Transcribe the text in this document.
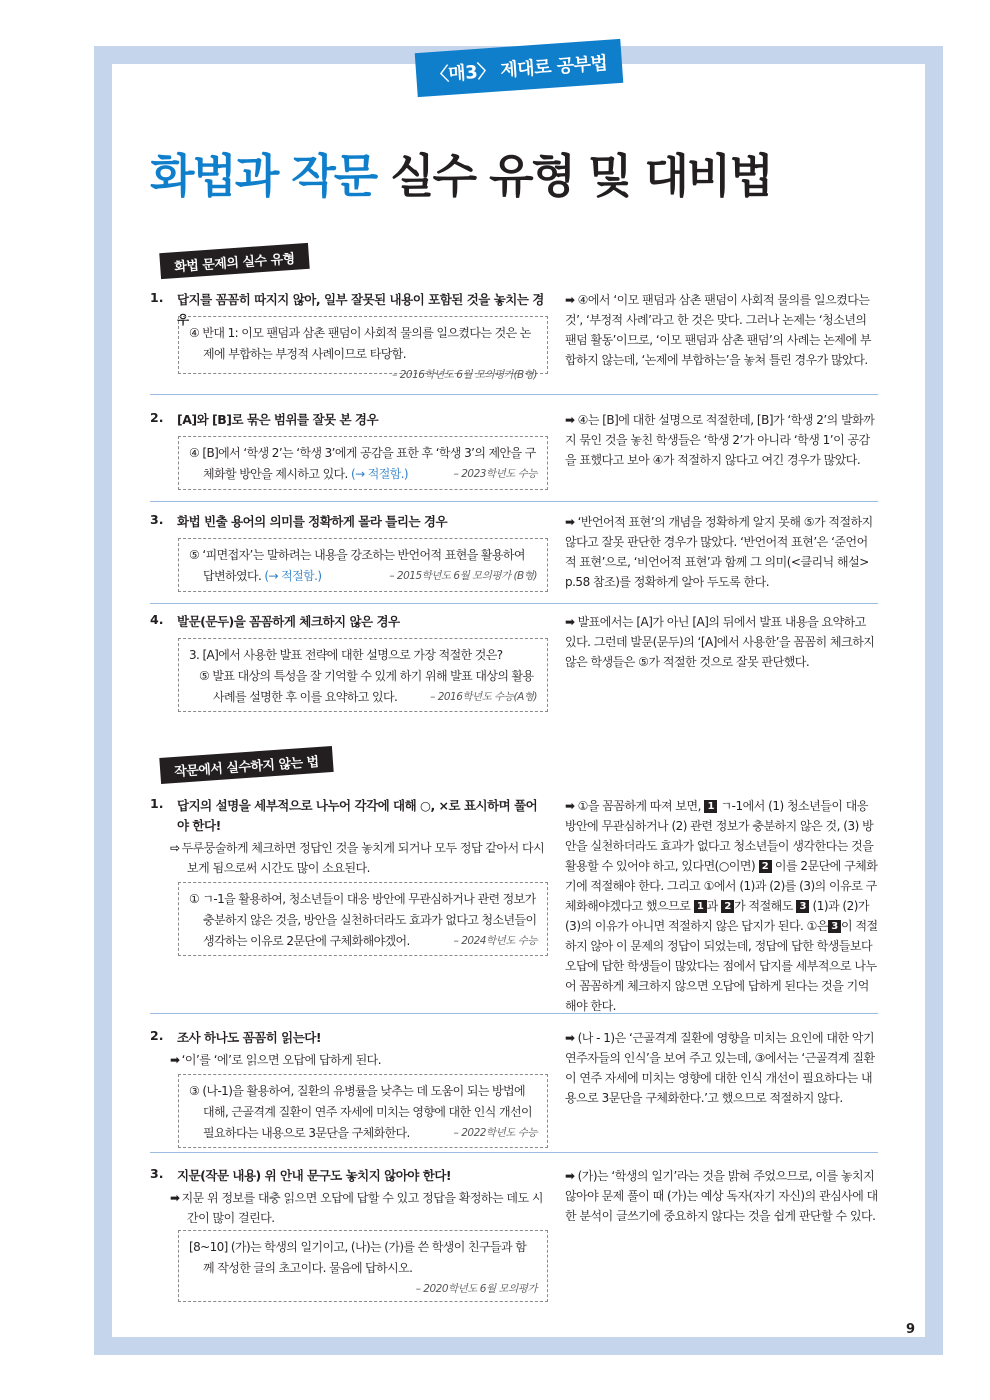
〈매3〉 제대로 공부법
화법과 작문 실수 유형 및 대비법
화법 문제의 실수 유형
1. 답지를 꼼꼼히 따지지 않아, 일부 잘못된 내용이 포함된 것을 놓치는 경우
④ 반대 1: 이모 팬덤과 삼촌 팬덤이 사회적 물의를 일으켰다는 것은 논제에 부합하는 부정적 사례이므로 타당함.
– 2016학년도 6월 모의평가(B형)
➡ ④에서 ‘이모 팬덤과 삼촌 팬덤이 사회적 물의를 일으켰다는 것’, ‘부정적 사례’라고 한 것은 맞다. 그러나 논제는 ‘청소년의 팬덤 활동’이므로, ‘이모 팬덤과 삼촌 팬덤’의 사례는 논제에 부합하지 않는데, ‘논제에 부합하는’을 놓쳐 틀린 경우가 많았다.
2. [A]와 [B]로 묶은 범위를 잘못 본 경우
④ [B]에서 ‘학생 2’는 ‘학생 3’에게 공감을 표한 후 ‘학생 3’의 제안을 구체화할 방안을 제시하고 있다. (→ 적절함.)	– 2023학년도 수능
➡ ④는 [B]에 대한 설명으로 적절한데, [B]가 ‘학생 2’의 발화까지 묶인 것을 놓친 학생들은 ‘학생 2’가 아니라 ‘학생 1’이 공감을 표했다고 보아 ④가 적절하지 않다고 여긴 경우가 많았다.
3. 화법 빈출 용어의 의미를 정확하게 몰라 틀리는 경우
⑤ ‘피면접자’는 말하려는 내용을 강조하는 반언어적 표현을 활용하여 답변하였다. (→ 적절함.)	– 2015학년도 6월 모의평가 (B형)
➡ ‘반언어적 표현’의 개념을 정확하게 알지 못해 ⑤가 적절하지 않다고 잘못 판단한 경우가 많았다. ‘반언어적 표현’은 ‘준언어적 표현’으로, ‘비언어적 표현’과 함께 그 의미(<클리닉 해설> p.58 참조)를 정확하게 알아 두도록 한다.
4. 발문(문두)을 꼼꼼하게 체크하지 않은 경우
3. [A]에서 사용한 발표 전략에 대한 설명으로 가장 적절한 것은?
⑤ 발표 대상의 특성을 잘 기억할 수 있게 하기 위해 발표 대상의 활용 사례를 설명한 후 이를 요약하고 있다.	– 2016학년도 수능(A형)
➡ 발표에서는 [A]가 아닌 [A]의 뒤에서 발표 내용을 요약하고 있다. 그런데 발문(문두)의 ‘[A]에서 사용한’을 꼼꼼히 체크하지 않은 학생들은 ⑤가 적절한 것으로 잘못 판단했다.
작문에서 실수하지 않는 법
1. 답지의 설명을 세부적으로 나누어 각각에 대해 ○, ×로 표시하며 풀어야 한다!
⇨ 두루뭉술하게 체크하면 정답인 것을 놓치게 되거나 모두 정답 같아서 다시 보게 됨으로써 시간도 많이 소요된다.
① ㄱ-1을 활용하여, 청소년들이 대응 방안에 무관심하거나 관련 정보가 충분하지 않은 것을, 방안을 실천하더라도 효과가 없다고 청소년들이 생각하는 이유로 2문단에 구체화해야겠어.	– 2024학년도 수능
➡ ①을 꼼꼼하게 따져 보면, 1 ㄱ-1에서 (1) 청소년들이 대응 방안에 무관심하거나 (2) 관련 정보가 충분하지 않은 것, (3) 방안을 실천하더라도 효과가 없다고 청소년들이 생각한다는 것을 활용할 수 있어야 하고, 있다면(○이면) 2 이를 2문단에 구체화기에 적절해야 한다. 그리고 ①에서 (1)과 (2)를 (3)의 이유로 구체화해야겠다고 했으므로 1 과 2 가 적절해도 3 (1)과 (2)가 (3)의 이유가 아니면 적절하지 않은 답지가 된다. ①은 3 이 적절하지 않아 이 문제의 정답이 되었는데, 정답에 답한 학생들보다 오답에 답한 학생들이 많았다는 점에서 답지를 세부적으로 나누어 꼼꼼하게 체크하지 않으면 오답에 답하게 된다는 것을 기억해야 한다.
2. 조사 하나도 꼼꼼히 읽는다!
➡ ‘이’를 ‘에’로 읽으면 오답에 답하게 된다.
③ (나-1)을 활용하여, 질환의 유병률을 낮추는 데 도움이 되는 방법에 대해, 근골격계 질환이 연주 자세에 미치는 영향에 대한 인식 개선이 필요하다는 내용으로 3문단을 구체화한다.	– 2022학년도 수능
➡ (나 - 1)은 ‘근골격계 질환에 영향을 미치는 요인에 대한 악기 연주자들의 인식’을 보여 주고 있는데, ③에서는 ‘근골격계 질환이 연주 자세에 미치는 영향에 대한 인식 개선이 필요하다는 내용으로 3문단을 구체화한다.’고 했으므로 적절하지 않다.
3. 지문(작문 내용) 위 안내 문구도 놓치지 않아야 한다!
➡ 지문 위 정보를 대충 읽으면 오답에 답할 수 있고 정답을 확정하는 데도 시간이 많이 걸린다.
[8~10] (가)는 학생의 일기이고, (나)는 (가)를 쓴 학생이 친구들과 함께 작성한 글의 초고이다. 물음에 답하시오.
– 2020학년도 6월 모의평가
➡ (가)는 ‘학생의 일기’라는 것을 밝혀 주었으므로, 이를 놓치지 않아야 문제 풀이 때 (가)는 예상 독자(자기 자신)의 관심사에 대한 분석이 글쓰기에 중요하지 않다는 것을 쉽게 판단할 수 있다.
9
